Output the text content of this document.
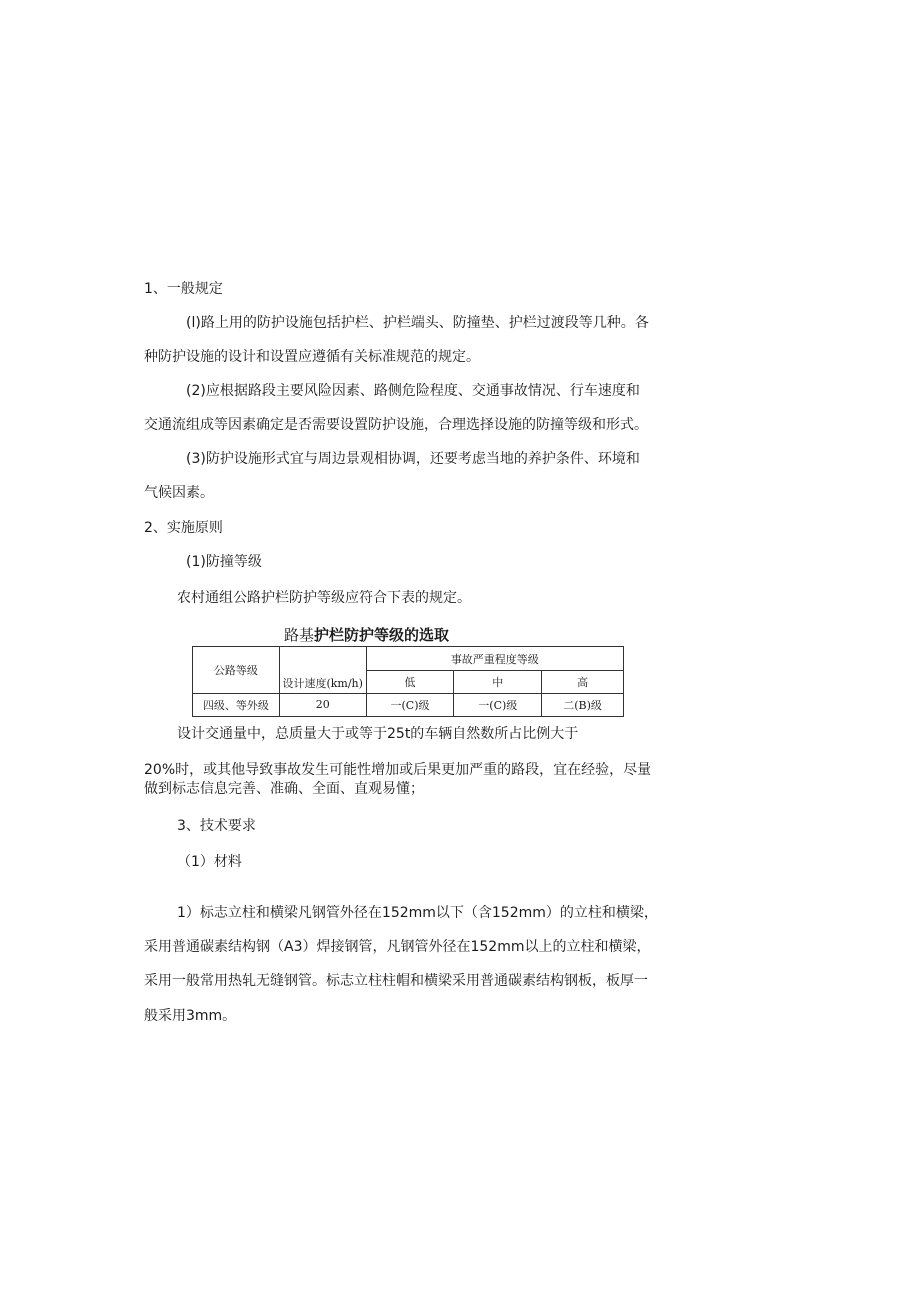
1、一般规定
(l)路上用的防护设施包括护栏、护栏端头、防撞垫、护栏过渡段等几种。各
种防护设施的设计和设置应遵循有关标准规范的规定。
(2)应根据路段主要风险因素、路侧危险程度、交通事故情况、行车速度和
交通流组成等因素确定是否需要设置防护设施，合理选择设施的防撞等级和形式。
(3)防护设施形式宜与周边景观相协调，还要考虑当地的养护条件、环境和
气候因素。
2、实施原则
(1)防撞等级
农村通组公路护栏防护等级应符合下表的规定。
路基护栏防护等级的选取
公路等级	设计速度(km/h)	事故严重程度等级		
		低	中	高
四级、等外级	20	一(C)级	一(C)级	二(B)级
设计交通量中，总质量大于或等于25t的车辆自然数所占比例大于
20%时，或其他导致事故发生可能性增加或后果更加严重的路段，宜在经验，尽量
做到标志信息完善、准确、全面、直观易懂；
3、技术要求
（1）材料
1）标志立柱和横梁凡钢管外径在152mm以下（含152mm）的立柱和横梁，
采用普通碳素结构钢（A3）焊接钢管，凡钢管外径在152mm以上的立柱和横梁，
采用一般常用热轧无缝钢管。标志立柱柱帽和横梁采用普通碳素结构钢板，板厚一
般采用3mm。
